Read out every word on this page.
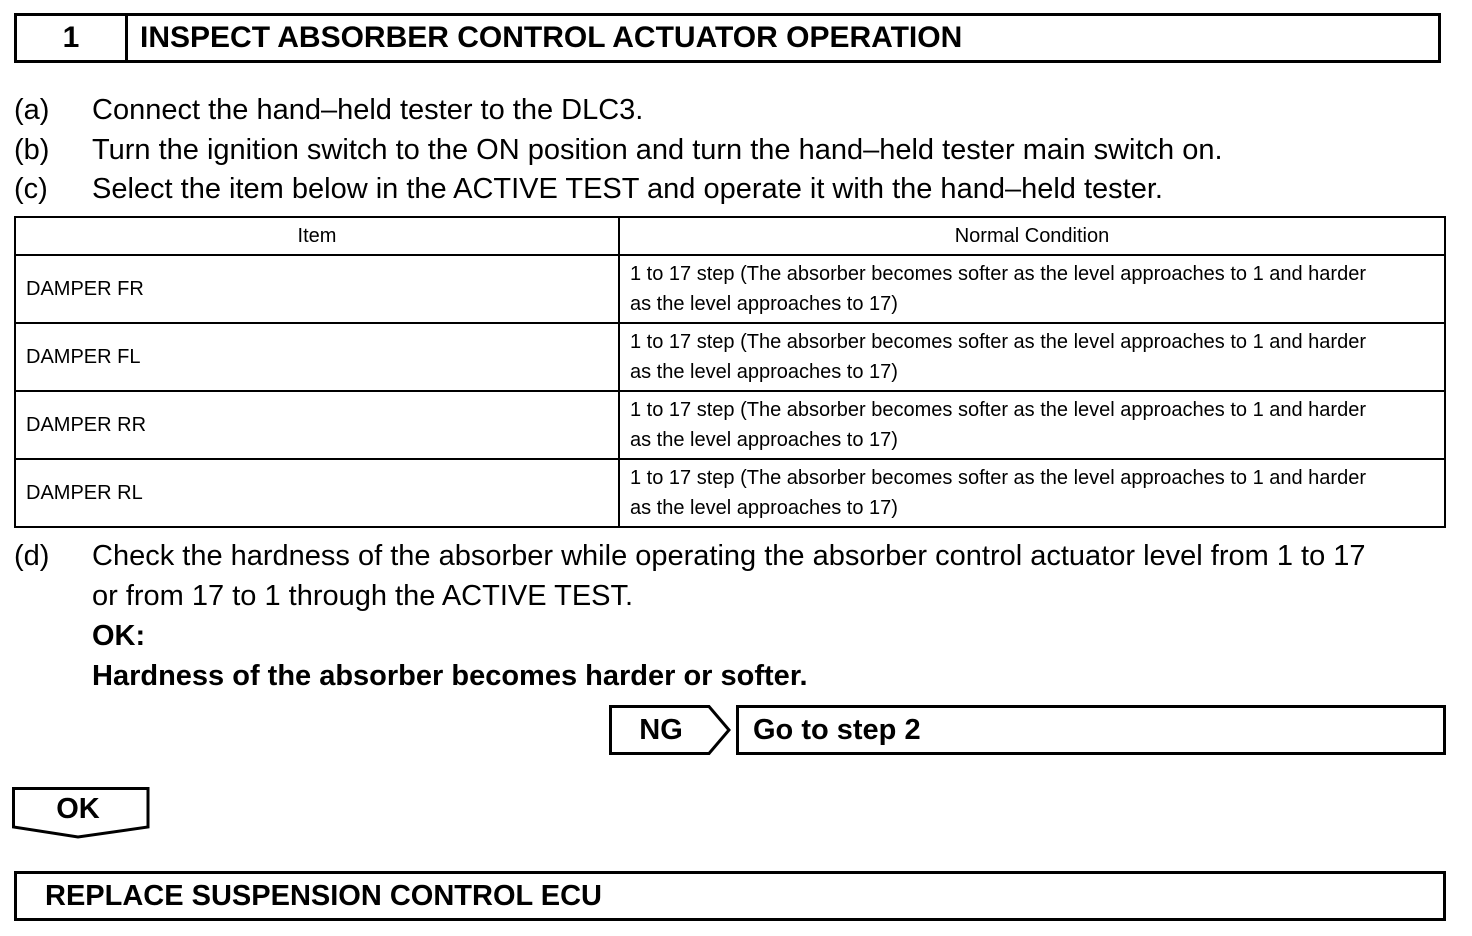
1	INSPECT ABSORBER CONTROL ACTUATOR OPERATION
(a) Connect the hand–held tester to the DLC3.
(b) Turn the ignition switch to the ON position and turn the hand–held tester main switch on.
(c) Select the item below in the ACTIVE TEST and operate it with the hand–held tester.
Item	Normal Condition
DAMPER FR	1 to 17 step (The absorber becomes softer as the level approaches to 1 and harder
as the level approaches to 17)
DAMPER FL	1 to 17 step (The absorber becomes softer as the level approaches to 1 and harder
as the level approaches to 17)
DAMPER RR	1 to 17 step (The absorber becomes softer as the level approaches to 1 and harder
as the level approaches to 17)
DAMPER RL	1 to 17 step (The absorber becomes softer as the level approaches to 1 and harder
as the level approaches to 17)
(d) Check the hardness of the absorber while operating the absorber control actuator level from 1 to 17
or from 17 to 1 through the ACTIVE TEST.
OK:
Hardness of the absorber becomes harder or softer.
NG	Go to step 2
OK
REPLACE SUSPENSION CONTROL ECU
